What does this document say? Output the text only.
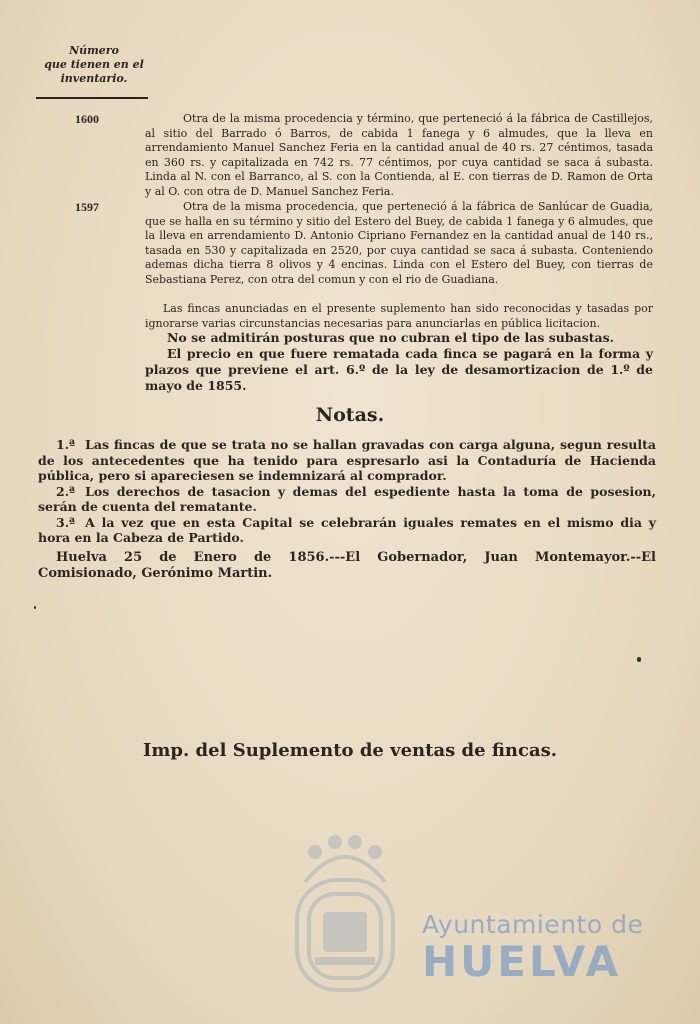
Número
que tienen en el
inventario.
1600	Otra de la misma procedencia y término, que perteneció á la fábrica de Castillejos, al sitio del Barrado ó Barros, de cabida 1 fanega y 6 almudes, que la lleva en arrendamiento Manuel Sanchez Feria en la cantidad anual de 40 rs. 27 céntimos, tasada en 360 rs. y capitalizada en 742 rs. 77 céntimos, por cuya cantidad se saca á subasta. Linda al N. con el Barranco, al S. con la Contienda, al E. con tierras de D. Ramon de Orta y al O. con otra de D. Manuel Sanchez Feria.

1597	Otra de la misma procedencia, que perteneció á la fábrica de Sanlúcar de Guadia, que se halla en su término y sitio del Estero del Buey, de cabida 1 fanega y 6 almudes, que la lleva en arrendamiento D. Antonio Cipriano Fernandez en la cantidad anual de 140 rs., tasada en 530 y capitalizada en 2520, por cuya cantidad se saca á subasta. Conteniendo ademas dicha tierra 8 olivos y 4 encinas. Linda con el Estero del Buey, con tierras de Sebastiana Perez, con otra del comun y con el rio de Guadiana.

Las fincas anunciadas en el presente suplemento han sido reconocidas y tasadas por ignorarse varias circunstancias necesarias para anunciarlas en pública licitacion.

No se admitirán posturas que no cubran el tipo de las subastas.

El precio en que fuere rematada cada finca se pagará en la forma y plazos que previene el art. 6.º de la ley de desamortizacion de 1.º de mayo de 1855.

Notas.

1.ª Las fincas de que se trata no se hallan gravadas con carga alguna, segun resulta de los antecedentes que ha tenido para espresarlo asi la Contaduría de Hacienda pública, pero si apareciesen se indemnizará al comprador.

2.ª Los derechos de tasacion y demas del espediente hasta la toma de posesion, serán de cuenta del rematante.

3.ª A la vez que en esta Capital se celebrarán iguales remates en el mismo dia y hora en la Cabeza de Partido.

Huelva 25 de Enero de 1856.---El Gobernador, Juan Montemayor.--El Comisionado, Gerónimo Martin.

Imp. del Suplemento de ventas de fincas.
Ayuntamiento de
HUELVA
